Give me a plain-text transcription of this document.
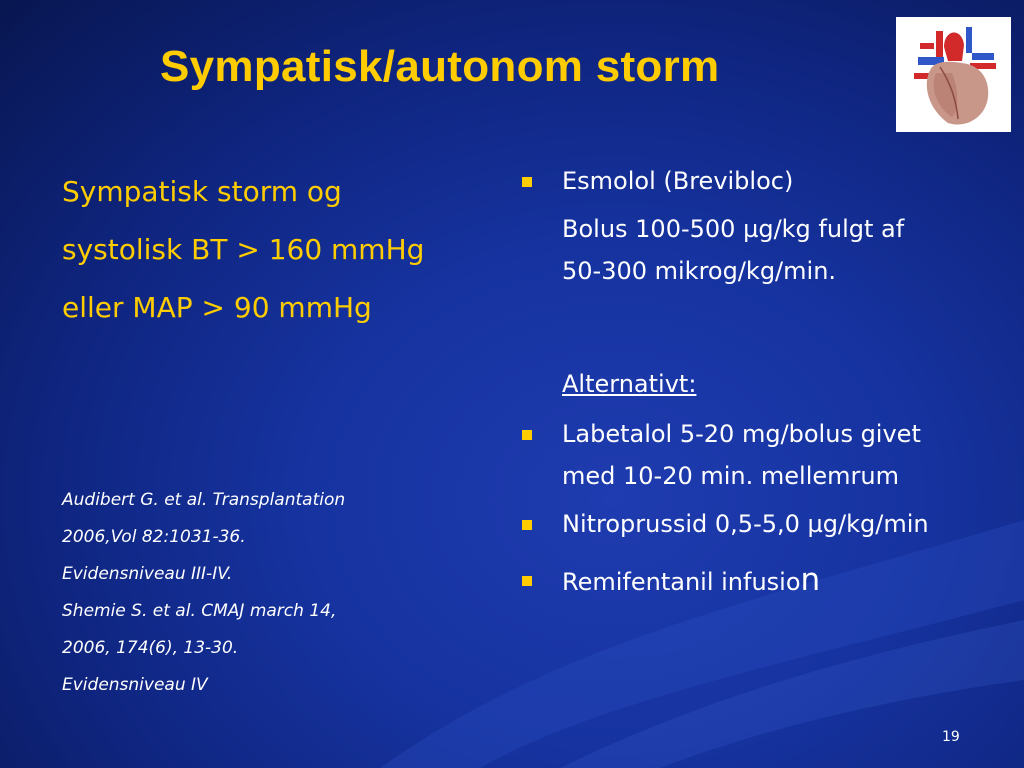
Sympatisk/autonom storm
Sympatisk storm og
systolisk BT > 160 mmHg
eller MAP > 90 mmHg
Audibert G. et al. Transplantation
2006,Vol 82:1031-36.
Evidensniveau III-IV.
Shemie S. et al. CMAJ march 14,
2006, 174(6), 13-30.
Evidensniveau IV
Esmolol (Brevibloc)
Bolus 100-500 µg/kg fulgt af
50-300 mikrog/kg/min.
Alternativt:
Labetalol 5-20 mg/bolus givet
med 10-20 min. mellemrum
Nitroprussid 0,5-5,0 µg/kg/min
Remifentanil infusion
19
